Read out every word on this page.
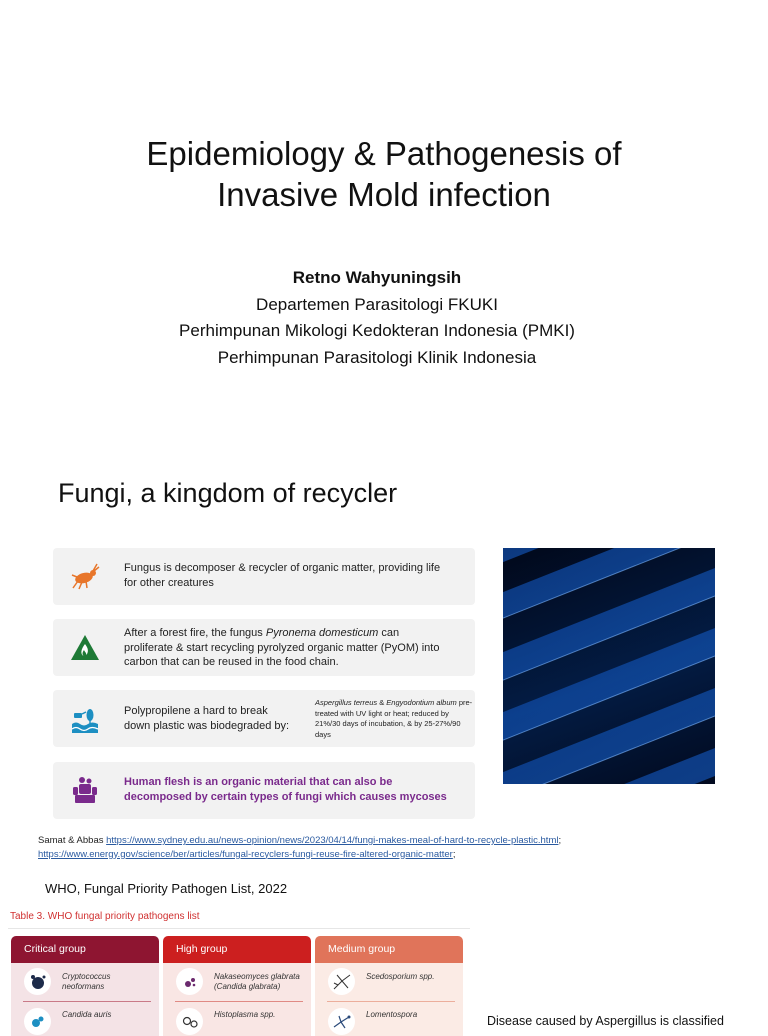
Epidemiology & Pathogenesis of
Invasive Mold infection
Retno Wahyuningsih
Departemen Parasitologi FKUKI
Perhimpunan Mikologi Kedokteran Indonesia (PMKI)
Perhimpunan Parasitologi Klinik Indonesia
Fungi, a kingdom of recycler
Fungus is decomposer & recycler of organic matter, providing life
for other creatures
After a forest fire, the fungus Pyronema domesticum can
proliferate & start recycling pyrolyzed organic matter (PyOM) into
carbon that can be reused in the food chain.
Polypropilene a hard to break
down plastic was biodegraded by:
Aspergillus terreus & Engyodontium album pre-treated with UV light or heat; reduced by 21%/30 days of incubation, & by 25-27%/90 days
Human flesh is an organic material that can also be
decomposed by certain types of fungi which causes mycoses
Samat & Abbas https://www.sydney.edu.au/news-opinion/news/2023/04/14/fungi-makes-meal-of-hard-to-recycle-plastic.html;
https://www.energy.gov/science/ber/articles/fungal-recyclers-fungi-reuse-fire-altered-organic-matter;
WHO, Fungal Priority Pathogen List, 2022
Table 3. WHO fungal priority pathogens list
Critical group
Cryptococcus neoformans
Candida auris
High group
Nakaseomyces glabrata (Candida glabrata)
Histoplasma spp.
Medium group
Scedosporium spp.
Lomentospora	Disease caused by Aspergillus is classified
